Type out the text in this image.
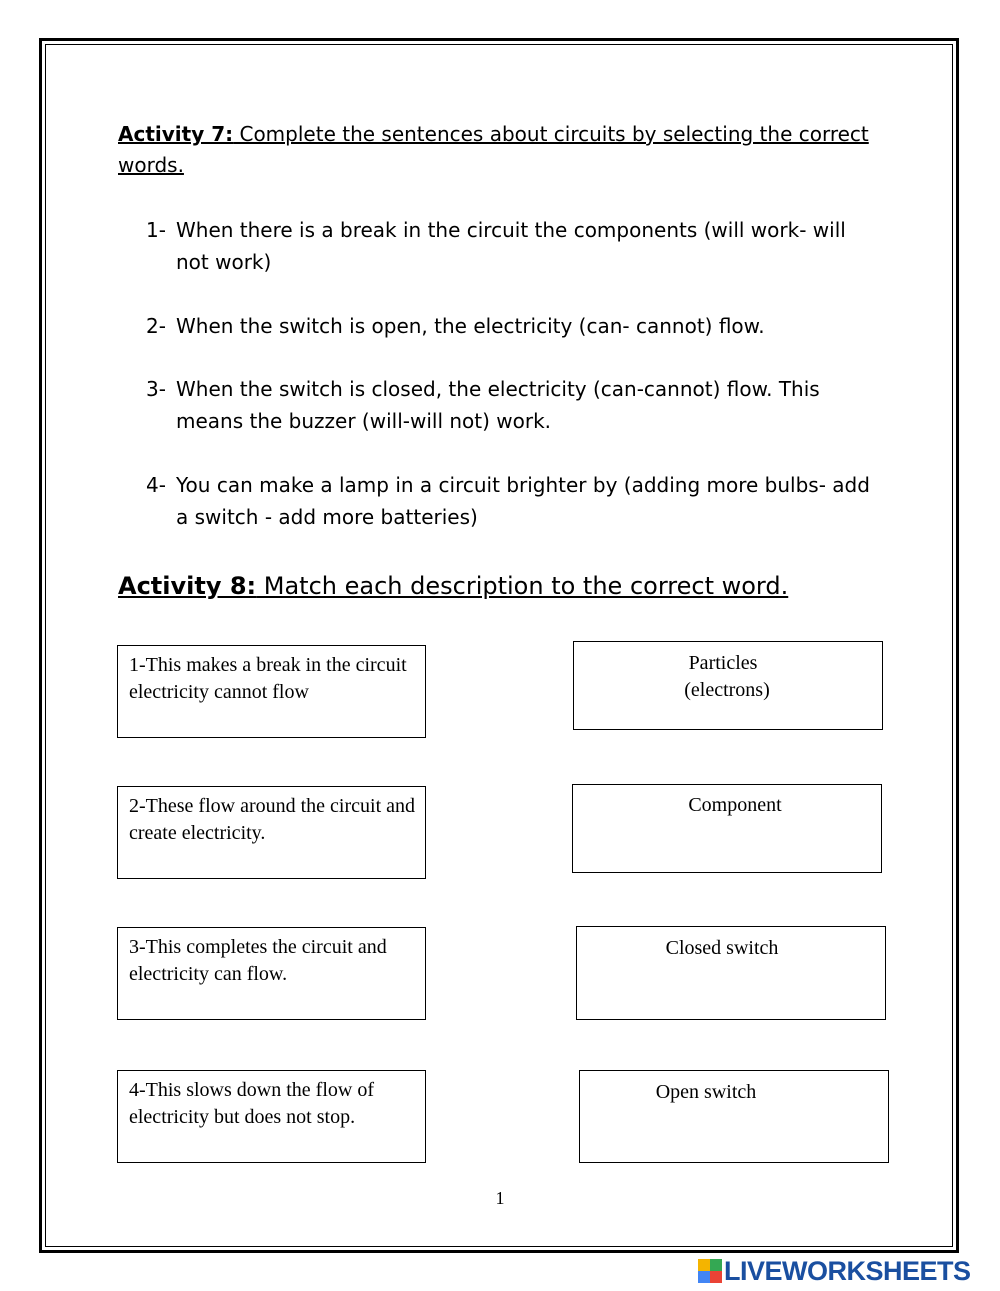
Activity 7: Complete the sentences about circuits by selecting the correct words.
1- When there is a break in the circuit the components (will work- will not work)
2- When the switch is open, the electricity (can- cannot) flow.
3- When the switch is closed, the electricity (can-cannot) flow. This means the buzzer (will-will not) work.
4- You can make a lamp in a circuit brighter by (adding more bulbs- add a switch - add more batteries)
Activity 8: Match each description to the correct word.
1-This makes a break in the circuit electricity cannot flow
2-These flow around the circuit and create electricity.
3-This completes the circuit and electricity can flow.
4-This slows down the flow of electricity but does not stop.
Particles
(electrons)
Component
Closed switch
Open switch
1
LIVEWORKSHEETS
